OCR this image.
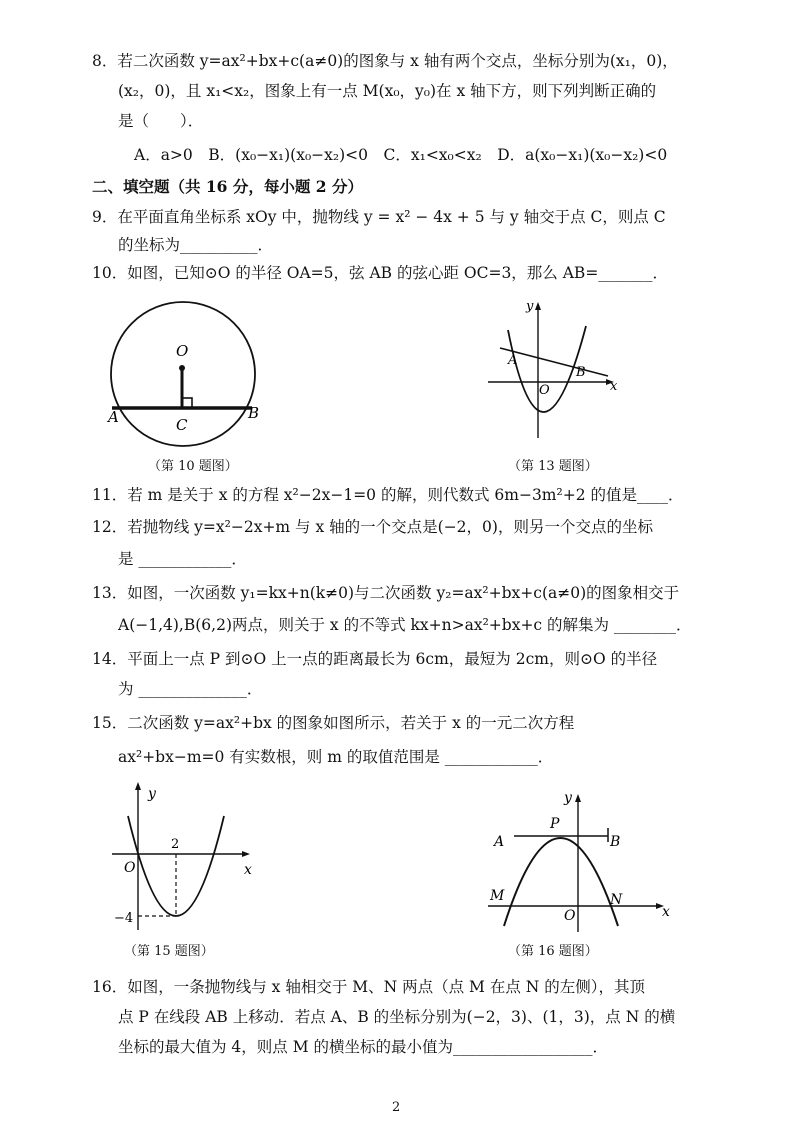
8．若二次函数 y=ax²+bx+c(a≠0)的图象与 x 轴有两个交点，坐标分别为(x₁，0)，
(x₂，0)，且 x₁<x₂，图象上有一点 M(x₀，y₀)在 x 轴下方，则下列判断正确的
是（　　）．
A．a>0　B．(x₀−x₁)(x₀−x₂)<0　C．x₁<x₀<x₂　D．a(x₀−x₁)(x₀−x₂)<0
二、填空题（共 16 分，每小题 2 分）
9．在平面直角坐标系 xOy 中，抛物线 y = x² − 4x + 5 与 y 轴交于点 C，则点 C
的坐标为__________．
10．如图，已知⊙O 的半径 OA=5，弦 AB 的弦心距 OC=3，那么 AB=_______．
O
A	B
C
（第 10 题图）
y
x
O
A
B
（第 13 题图）
11．若 m 是关于 x 的方程 x²−2x−1=0 的解，则代数式 6m−3m²+2 的值是____．
12．若抛物线 y=x²−2x+m 与 x 轴的一个交点是(−2，0)，则另一个交点的坐标
是 ____________．
13．如图，一次函数 y₁=kx+n(k≠0)与二次函数 y₂=ax²+bx+c(a≠0)的图象相交于
A(−1,4),B(6,2)两点，则关于 x 的不等式 kx+n>ax²+bx+c 的解集为 ________．
14．平面上一点 P 到⊙O 上一点的距离最长为 6cm，最短为 2cm，则⊙O 的半径
为 ______________．
15．二次函数 y=ax²+bx 的图象如图所示，若关于 x 的一元二次方程
ax²+bx−m=0 有实数根，则 m 的取值范围是 ____________．
y
x
O
2
−4
（第 15 题图）
y
x
O
A	B
P
M	N
（第 16 题图）
16．如图，一条抛物线与 x 轴相交于 M、N 两点（点 M 在点 N 的左侧），其顶
点 P 在线段 AB 上移动．若点 A、B 的坐标分别为(−2，3)、(1，3)，点 N 的横
坐标的最大值为 4，则点 M 的横坐标的最小值为__________________．
2
